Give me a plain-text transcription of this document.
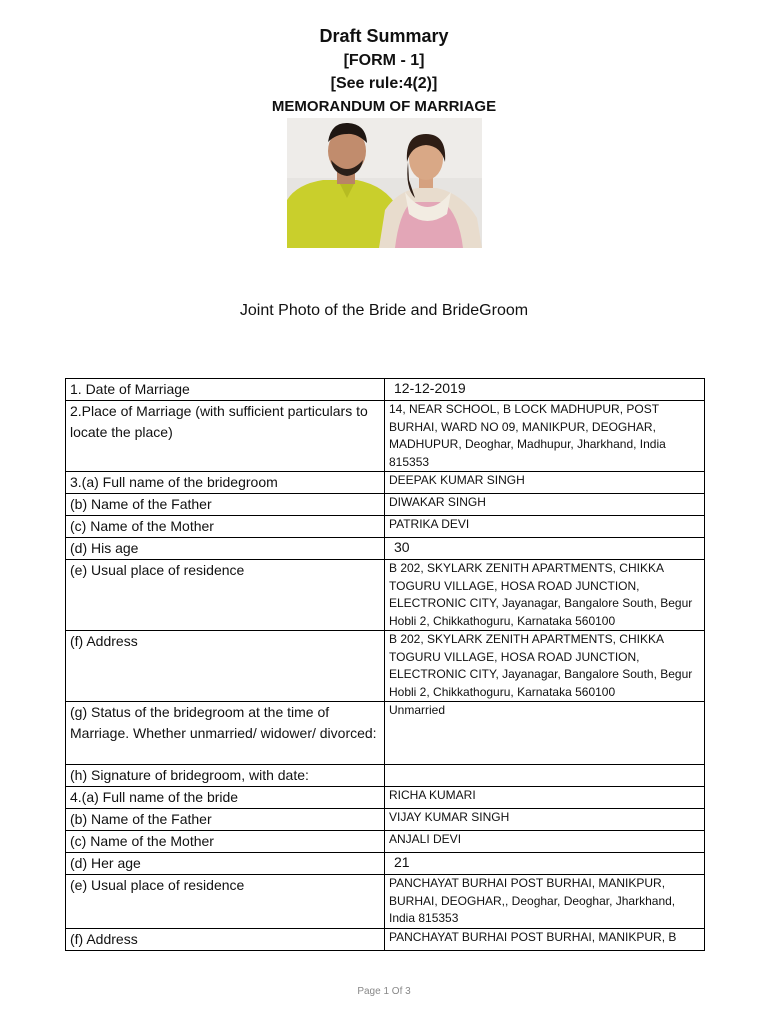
Draft Summary
[FORM - 1]
[See rule:4(2)]
MEMORANDUM OF MARRIAGE
Joint Photo of the Bride and BrideGroom
1. Date of Marriage	12-12-2019
2.Place of Marriage (with sufficient particulars to locate the place)	14, NEAR SCHOOL, B LOCK MADHUPUR, POST BURHAI, WARD NO 09, MANIKPUR, DEOGHAR, MADHUPUR, Deoghar, Madhupur, Jharkhand, India 815353
3.(a) Full name of the bridegroom	DEEPAK KUMAR SINGH
(b) Name of the Father	DIWAKAR SINGH
(c) Name of the Mother	PATRIKA DEVI
(d) His age	30
(e) Usual place of residence	B 202, SKYLARK ZENITH APARTMENTS, CHIKKA TOGURU VILLAGE, HOSA ROAD JUNCTION, ELECTRONIC CITY, Jayanagar, Bangalore South, Begur Hobli 2, Chikkathoguru, Karnataka 560100
(f) Address	B 202, SKYLARK ZENITH APARTMENTS, CHIKKA TOGURU VILLAGE, HOSA ROAD JUNCTION, ELECTRONIC CITY, Jayanagar, Bangalore South, Begur Hobli 2, Chikkathoguru, Karnataka 560100
(g) Status of the bridegroom at the time of Marriage. Whether unmarried/ widower/ divorced:	Unmarried
(h) Signature of bridegroom, with date:	
4.(a) Full name of the bride	RICHA KUMARI
(b) Name of the Father	VIJAY KUMAR SINGH
(c) Name of the Mother	ANJALI DEVI
(d) Her age	21
(e) Usual place of residence	PANCHAYAT BURHAI POST BURHAI, MANIKPUR, BURHAI, DEOGHAR,, Deoghar, Deoghar, Jharkhand, India 815353
(f) Address	PANCHAYAT BURHAI POST BURHAI, MANIKPUR, B
Page 1 Of 3
